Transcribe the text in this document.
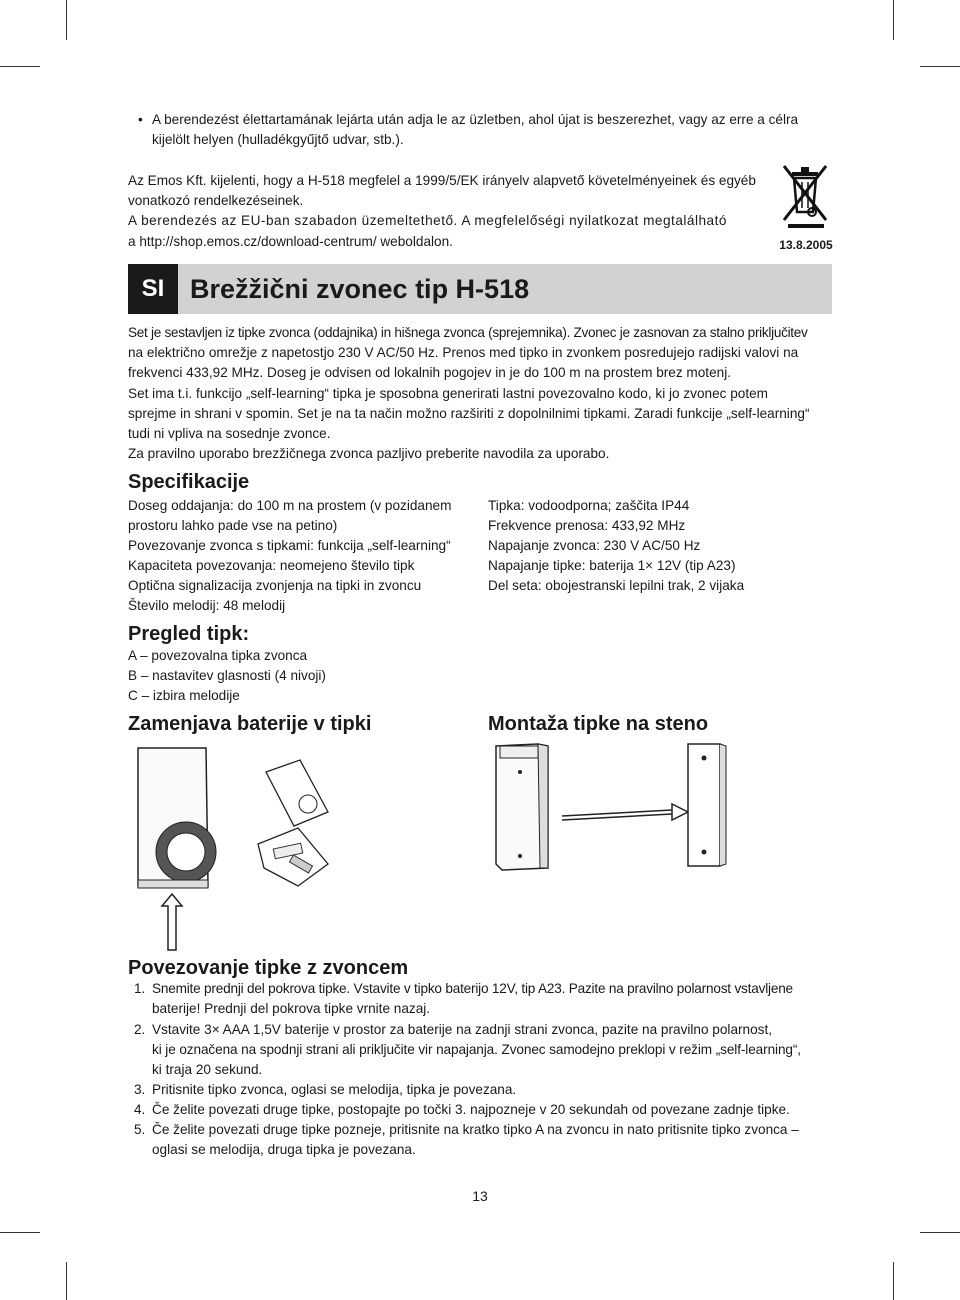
• A berendezést élettartamának lejárta után adja le az üzletben, ahol újat is beszerezhet, vagy az erre a célra
kijelölt helyen (hulladékgyűjtő udvar, stb.).
Az Emos Kft. kijelenti, hogy a H-518 megfelel a 1999/5/EK irányelv alapvető követelményeinek és egyéb
vonatkozó rendelkezéseinek.
A berendezés az EU-ban szabadon üzemeltethető. A megfelelőségi nyilatkozat megtalálható
a http://shop.emos.cz/download-centrum/ weboldalon.	13.8.2005
SI Brežžični zvonec tip H-518
Set je sestavljen iz tipke zvonca (oddajnika) in hišnega zvonca (sprejemnika). Zvonec je zasnovan za stalno priključitev
na električno omrežje z napetostjo 230 V AC/50 Hz. Prenos med tipko in zvonkem posredujejo radijski valovi na
frekvenci 433,92 MHz. Doseg je odvisen od lokalnih pogojev in je do 100 m na prostem brez motenj.
Set ima t.i. funkcijo „self-learning“ tipka je sposobna generirati lastni povezovalno kodo, ki jo zvonec potem
sprejme in shrani v spomin. Set je na ta način možno razširiti z dopolnilnimi tipkami. Zaradi funkcije „self-learning“
tudi ni vpliva na sosednje zvonce.
Za pravilno uporabo brezžičnega zvonca pazljivo preberite navodila za uporabo.
Specifikacije
Doseg oddajanja: do 100 m na prostem (v pozidanem
prostoru lahko pade vse na petino)
Povezovanje zvonca s tipkami: funkcija „self-learning“
Kapaciteta povezovanja: neomejeno število tipk
Optična signalizacija zvonjenja na tipki in zvoncu
Število melodij: 48 melodij
Tipka: vodoodporna; zaščita IP44
Frekvence prenosa: 433,92 MHz
Napajanje zvonca: 230 V AC/50 Hz
Napajanje tipke: baterija 1× 12V (tip A23)
Del seta: obojestranski lepilni trak, 2 vijaka
Pregled tipk:
A – povezovalna tipka zvonca
B – nastavitev glasnosti (4 nivoji)
C – izbira melodije
Zamenjava baterije v tipki	Montaža tipke na steno
Povezovanje tipke z zvoncem
1. Snemite prednji del pokrova tipke. Vstavite v tipko baterijo 12V, tip A23. Pazite na pravilno polarnost vstavljene
baterije! Prednji del pokrova tipke vrnite nazaj.
2. Vstavite 3× AAA 1,5V baterije v prostor za baterije na zadnji strani zvonca, pazite na pravilno polarnost,
ki je označena na spodnji strani ali priključite vir napajanja. Zvonec samodejno preklopi v režim „self-learning“,
ki traja 20 sekund.
3. Pritisnite tipko zvonca, oglasi se melodija, tipka je povezana.
4. Če želite povezati druge tipke, postopajte po točki 3. najpozneje v 20 sekundah od povezane zadnje tipke.
5. Če želite povezati druge tipke pozneje, pritisnite na kratko tipko A na zvoncu in nato pritisnite tipko zvonca –
oglasi se melodija, druga tipka je povezana.
13
